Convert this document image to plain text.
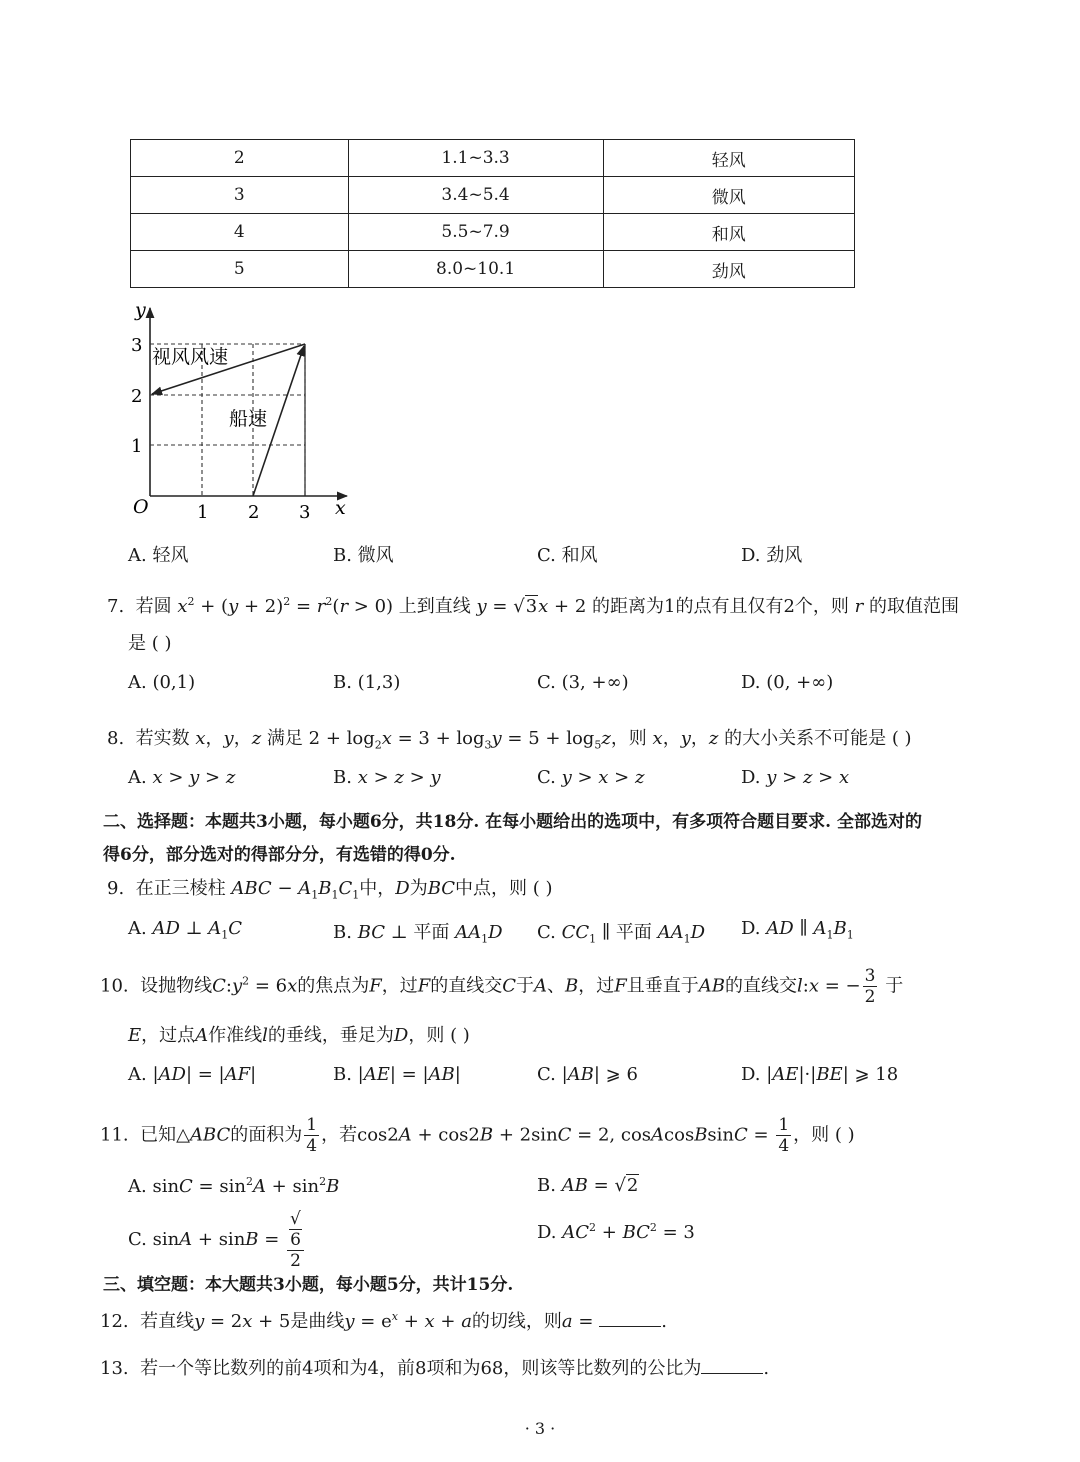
2	1.1~3.3	轻风
3	3.4~5.4	微风
4	5.5~7.9	和风
5	8.0~10.1	劲风
y
x
O	1 2 3
1
2
3
视风风速
船速
A. 轻风	B. 微风	C. 和风	D. 劲风
7. 若圆 $x^2 + (y + 2)^2 = r^2(r > 0)$ 上到直线 y = √3x + 2 的距离为1的点有且仅有2个，则 r 的取值范围
是 ( )
A. (0,1)	B. (1,3)	C. (3, +∞)	D. (0, +∞)
8. 若实数 x，y，z 满足 $2 + \log_2x = 3 + \log_3y = 5 + \log_5z$，则 x，y，z 的大小关系不可能是 ( )
A. x > y > z	B. x > z > y	C. y > x > z	D. y > z > x
二、选择题：本题共3小题，每小题6分，共18分. 在每小题给出的选项中，有多项符合题目要求. 全部选对的
得6分，部分选对的得部分分，有选错的得0分.
9. 在正三棱柱 ABC − $A_1B_1C_1$中，D为BC中点，则 ( )
A. AD ⊥ $A_1C$	B. BC ⊥ 平面 $AA_1D$ C. $CC_1$ ∥ 平面 $AA_1D$ D. AD ∥ $A_1B_1$
10. 设抛物线$C:y^2 = 6x$的焦点为F，过F的直线交C于A、B，过F且垂直于AB的直线交l:x = − $\frac{3}{2}$ 于
E，过点A作准线l的垂线，垂足为D，则 ( )
A. |AD| = |AF|	B. |AE| = |AB|	C. |AB| ⩾ 6	D. |AE|·|BE| ⩾ 18
11. 已知△ABC的面积为 $\frac{1}{4}$ ，若cos2A + cos2B + 2sinC = 2, cosAcosBsinC = $\frac{1}{4}$ ，则 ( )
A. $\sin C = \sin^2A + \sin^2B$	B. AB = √2
C. sinA + sinB = √
6
2	D. $AC^2 + BC^2 = 3$
三、填空题：本大题共3小题，每小题5分，共计15分.
12. 若直线y = 2x + 5是曲线$y = e^x + x + a$的切线，则a =	.
13. 若一个等比数列的前4项和为4，前8项和为68，则该等比数列的公比为	.
· 3 ·
